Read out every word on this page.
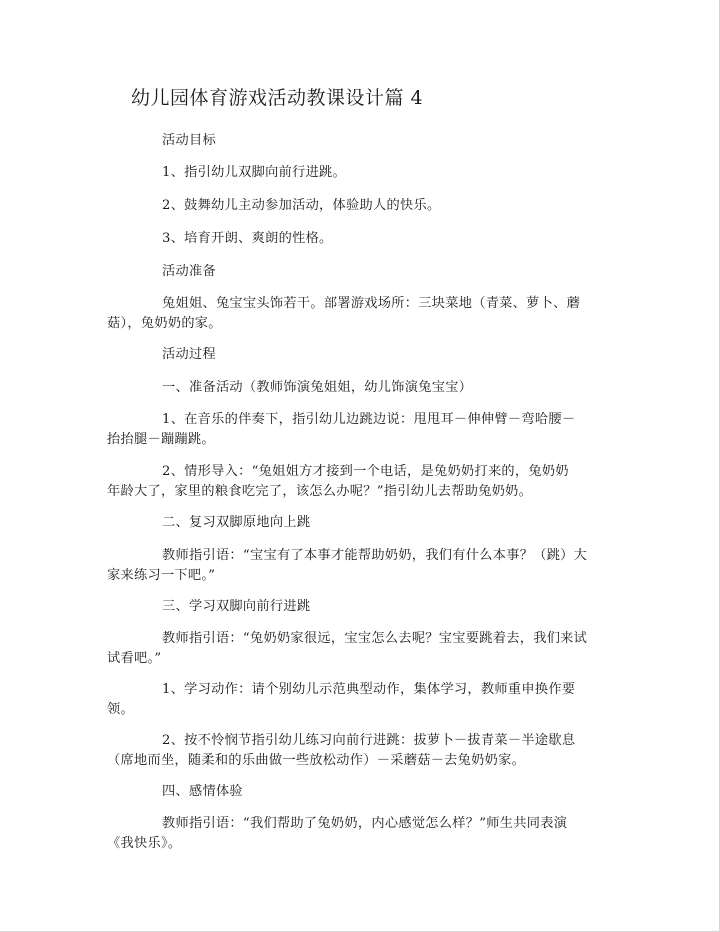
幼儿园体育游戏活动教课设计篇 4
活动目标
1、指引幼儿双脚向前行进跳。
2、鼓舞幼儿主动参加活动，体验助人的快乐。
3、培育开朗、爽朗的性格。
活动准备
兔姐姐、兔宝宝头饰若干。部署游戏场所：三块菜地（青菜、萝卜、蘑
菇），兔奶奶的家。
活动过程
一、准备活动（教师饰演兔姐姐，幼儿饰演兔宝宝）
1、在音乐的伴奏下，指引幼儿边跳边说：甩甩耳－伸伸臂－弯哈腰－
抬抬腿－蹦蹦跳。
2、情形导入：“兔姐姐方才接到一个电话，是兔奶奶打来的，兔奶奶
年龄大了，家里的粮食吃完了，该怎么办呢？”指引幼儿去帮助兔奶奶。
二、复习双脚原地向上跳
教师指引语：“宝宝有了本事才能帮助奶奶，我们有什么本事？（跳）大
家来练习一下吧。”
三、学习双脚向前行进跳
教师指引语：“兔奶奶家很远，宝宝怎么去呢？宝宝要跳着去，我们来试
试看吧。”
1、学习动作：请个别幼儿示范典型动作，集体学习，教师重申换作要
领。
2、按不怜悯节指引幼儿练习向前行进跳：拔萝卜－拔青菜－半途歇息
（席地而坐，随柔和的乐曲做一些放松动作）－采蘑菇－去兔奶奶家。
四、感情体验
教师指引语：“我们帮助了兔奶奶，内心感觉怎么样？”师生共同表演
《我快乐》。
